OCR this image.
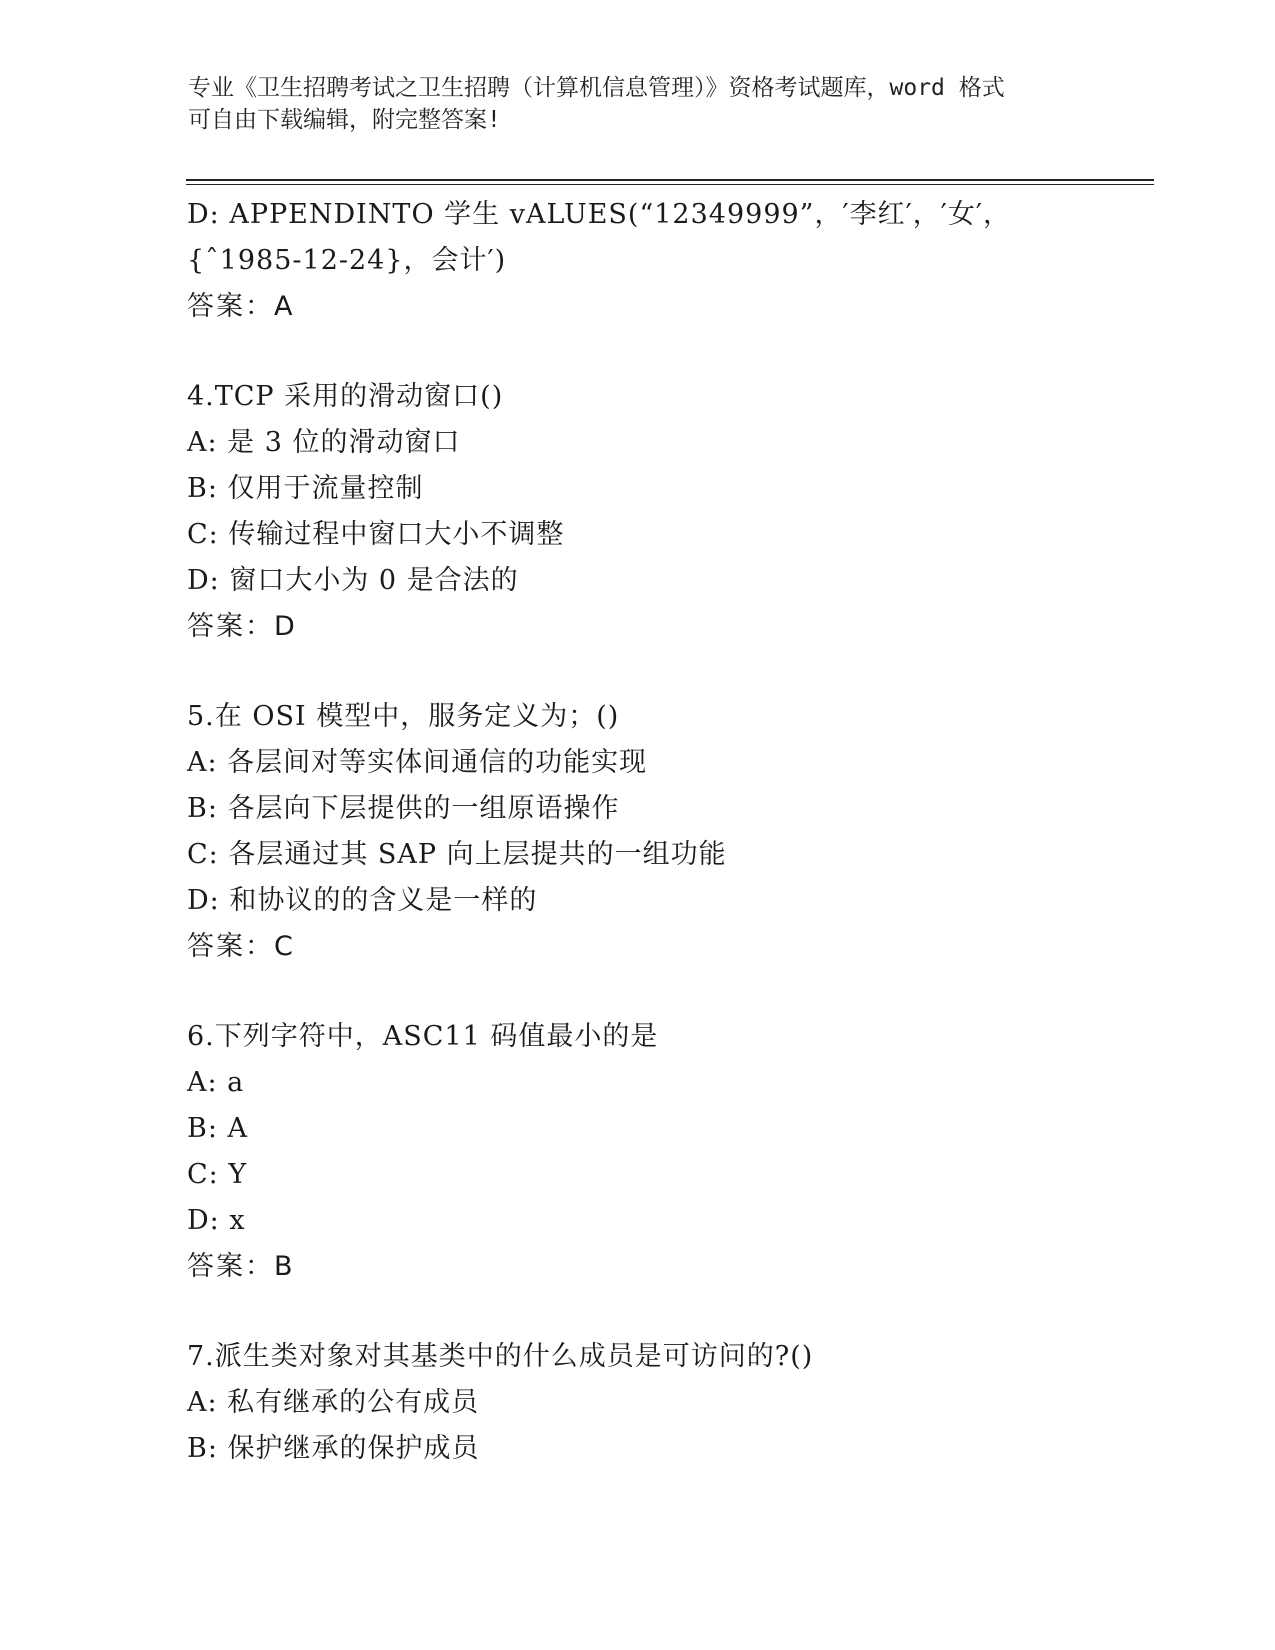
专业《卫生招聘考试之卫生招聘（计算机信息管理）》资格考试题库，word 格式
可自由下载编辑，附完整答案!
D: APPENDINTO 学生 vALUES(“12349999”，′李红′，′女′，
{ˆ1985-12-24}，会计′)
答案：A
4.TCP 采用的滑动窗口()
A: 是 3 位的滑动窗口
B: 仅用于流量控制
C: 传输过程中窗口大小不调整
D: 窗口大小为 0 是合法的
答案：D
5.在 OSI 模型中，服务定义为；()
A: 各层间对等实体间通信的功能实现
B: 各层向下层提供的一组原语操作
C: 各层通过其 SAP 向上层提共的一组功能
D: 和协议的的含义是一样的
答案：C
6.下列字符中，ASC11 码值最小的是
A: a
B: A
C: Y
D: x
答案：B
7.派生类对象对其基类中的什么成员是可访问的?()
A: 私有继承的公有成员
B: 保护继承的保护成员
